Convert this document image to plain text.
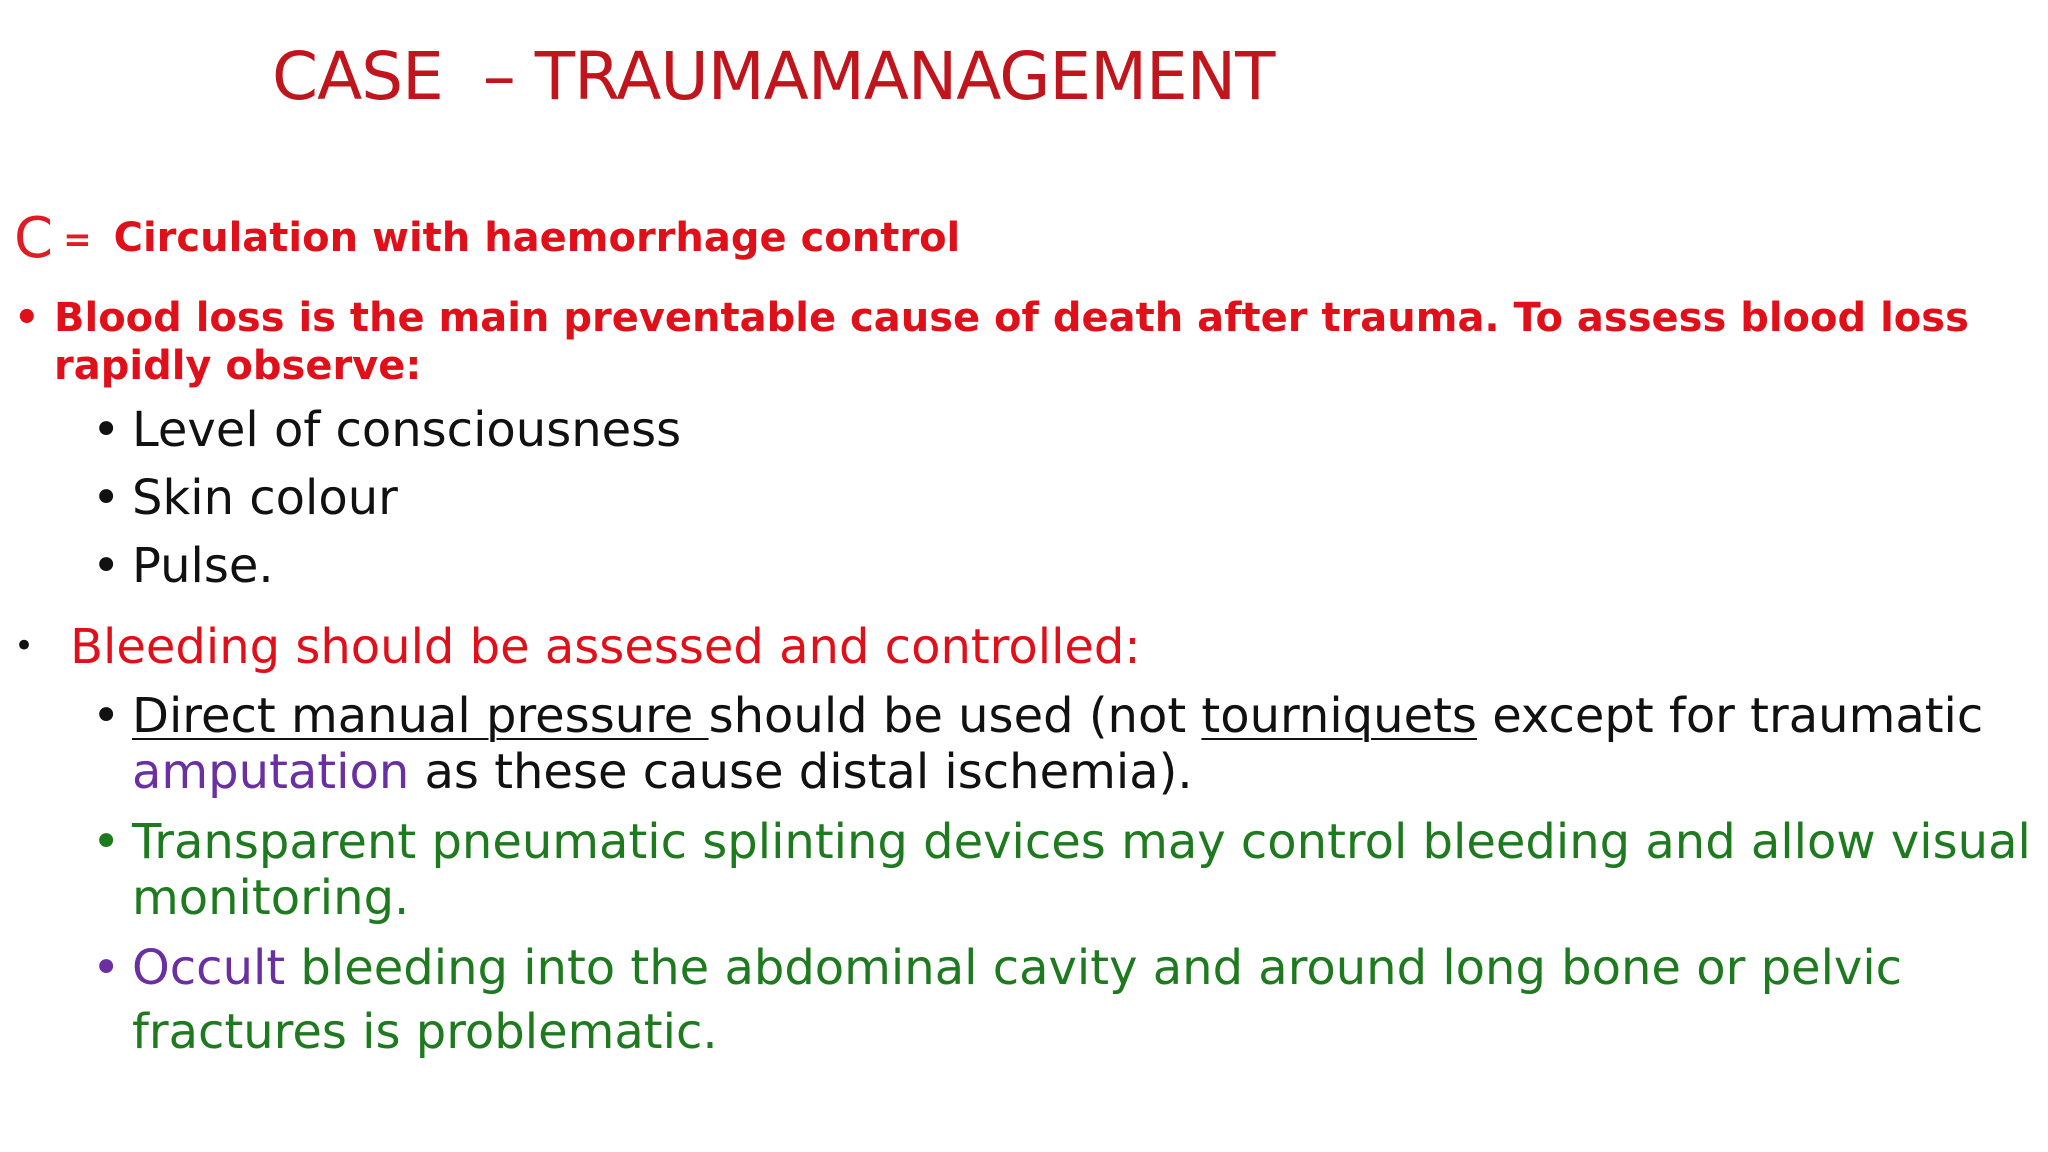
CASE  – TRAUMAMANAGEMENT
C = Circulation with haemorrhage control
• Blood loss is the main preventable cause of death after trauma. To assess blood loss rapidly observe:
• Level of consciousness
• Skin colour
• Pulse.
• Bleeding should be assessed and controlled:
• Direct manual pressure should be used (not tourniquets except for traumatic amputation as these cause distal ischemia).
• Transparent pneumatic splinting devices may control bleeding and allow visual monitoring.
• Occult bleeding into the abdominal cavity and around long bone or pelvic
fractures is problematic.
